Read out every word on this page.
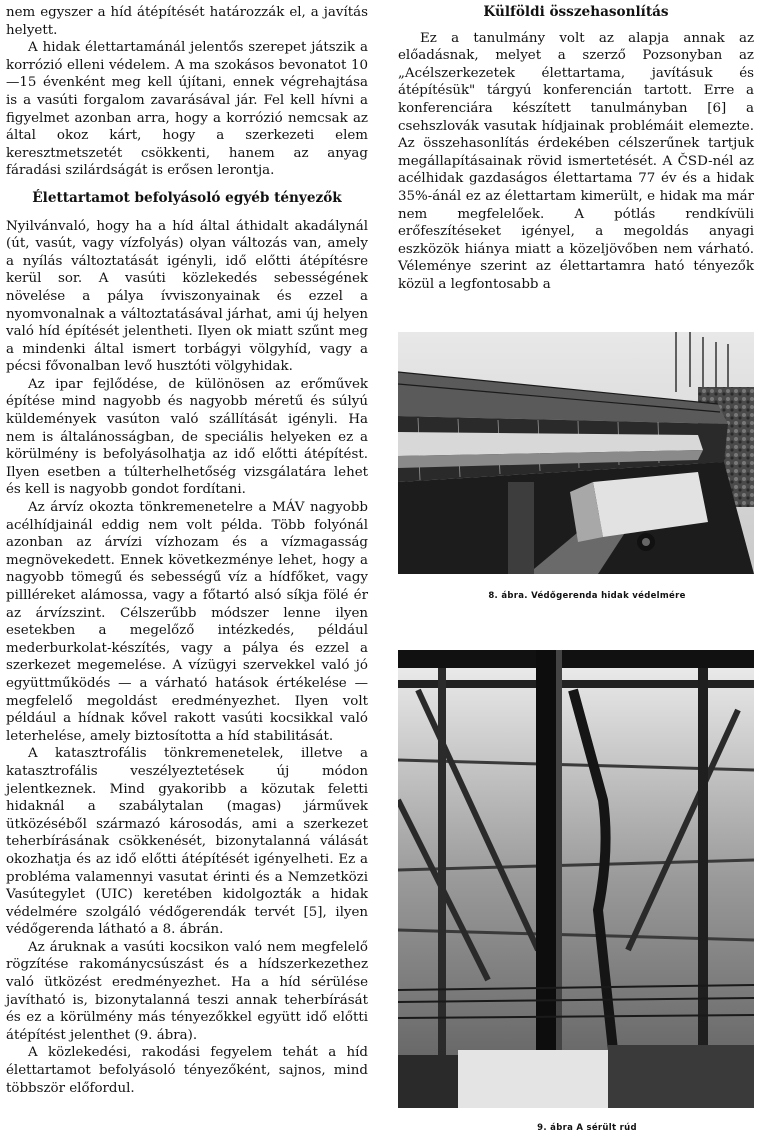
nem egyszer a híd átépítését határozzák el, a javítás helyett.

A hidak élettartamánál jelentős szerepet játszik a korrózió elleni védelem. A ma szokásos bevonatot 10—15 évenként meg kell újítani, ennek végrehajtása is a vasúti forgalom zavarásával jár. Fel kell hívni a figyelmet azonban arra, hogy a korrózió nemcsak az által okoz kárt, hogy a szerkezeti elem keresztmetszetét csökkenti, hanem az anyag fáradási szilárdságát is erősen lerontja.

Élettartamot befolyásoló egyéb tényezők

Nyilvánvaló, hogy ha a híd által áthidalt akadálynál (út, vasút, vagy vízfolyás) olyan változás van, amely a nyílás változtatását igényli, idő előtti átépítésre kerül sor. A vasúti közlekedés sebességének növelése a pálya ívviszonyainak és ezzel a nyomvonalnak a változtatásával járhat, ami új helyen való híd építését jelentheti. Ilyen ok miatt szűnt meg a mindenki által ismert torbágyi völgyhíd, vagy a pécsi fővonalban levő husztóti völgyhidak.

Az ipar fejlődése, de különösen az erőművek építése mind nagyobb és nagyobb méretű és súlyú küldemények vasúton való szállítását igényli. Ha nem is általánosságban, de speciális helyeken ez a körülmény is befolyásolhatja az idő előtti átépítést. Ilyen esetben a túlterhelhetőség vizsgálatára lehet és kell is nagyobb gondot fordítani.

Az árvíz okozta tönkremenetelre a MÁV nagyobb acélhídjainál eddig nem volt példa. Több folyónál azonban az árvízi vízhozam és a vízmagasság megnövekedett. Ennek következménye lehet, hogy a nagyobb tömegű és sebességű víz a hídfőket, vagy pillléreket alámossa, vagy a főtartó alsó síkja fölé ér az árvízszint. Célszerűbb módszer lenne ilyen esetekben a megelőző intézkedés, például mederburkolat-készítés, vagy a pálya és ezzel a szerkezet megemelése. A vízügyi szervekkel való jó együttműködés — a várható hatások értékelése — megfelelő megoldást eredményezhet. Ilyen volt például a hídnak kővel rakott vasúti kocsikkal való leterhelése, amely biztosította a híd stabilitását.

A katasztrofális tönkremenetelek, illetve a katasztrofális veszélyeztetések új módon jelentkeznek. Mind gyakoribb a közutak feletti hidaknál a szabálytalan (magas) járművek ütközéséből származó károsodás, ami a szerkezet teherbírásának csökkenését, bizonytalanná válását okozhatja és az idő előtti átépítését igényelheti. Ez a probléma valamennyi vasutat érinti és a Nemzetközi Vasútegylet (UIC) keretében kidolgozták a hidak védelmére szolgáló védőgerendák tervét [5], ilyen védőgerenda látható a 8. ábrán.

Az áruknak a vasúti kocsikon való nem megfelelő rögzítése rakománycsúszást és a hídszerkezethez való ütközést eredményezhet. Ha a híd sérülése javítható is, bizonytalanná teszi annak teherbírását és ez a körülmény más tényezőkkel együtt idő előtti átépítést jelenthet (9. ábra).

A közlekedési, rakodási fegyelem tehát a híd élettartamot befolyásoló tényezőként, sajnos, mind többször előfordul.

Külföldi összehasonlítás

Ez a tanulmány volt az alapja annak az előadásnak, melyet a szerző Pozsonyban az „Acélszerkezetek élettartama, javításuk és átépítésük" tárgyú konferencián tartott. Erre a konferenciára készített tanulmányban [6] a csehszlovák vasutak hídjainak problémáit elemezte. Az összehasonlítás érdekében célszerűnek tartjuk megállapításainak rövid ismertetését. A ČSD-nél az acélhidak gazdaságos élettartama 77 év és a hidak 35%-ánál ez az élettartam kimerült, e hidak ma már nem megfelelőek. A pótlás rendkívüli erőfeszítéseket igényel, a megoldás anyagi eszközök hiánya miatt a közeljövőben nem várható. Véleménye szerint az élettartamra ható tényezők közül a legfontosabb a

8. ábra. Védőgerenda hidak védelmére

9. ábra A sérült rúd
